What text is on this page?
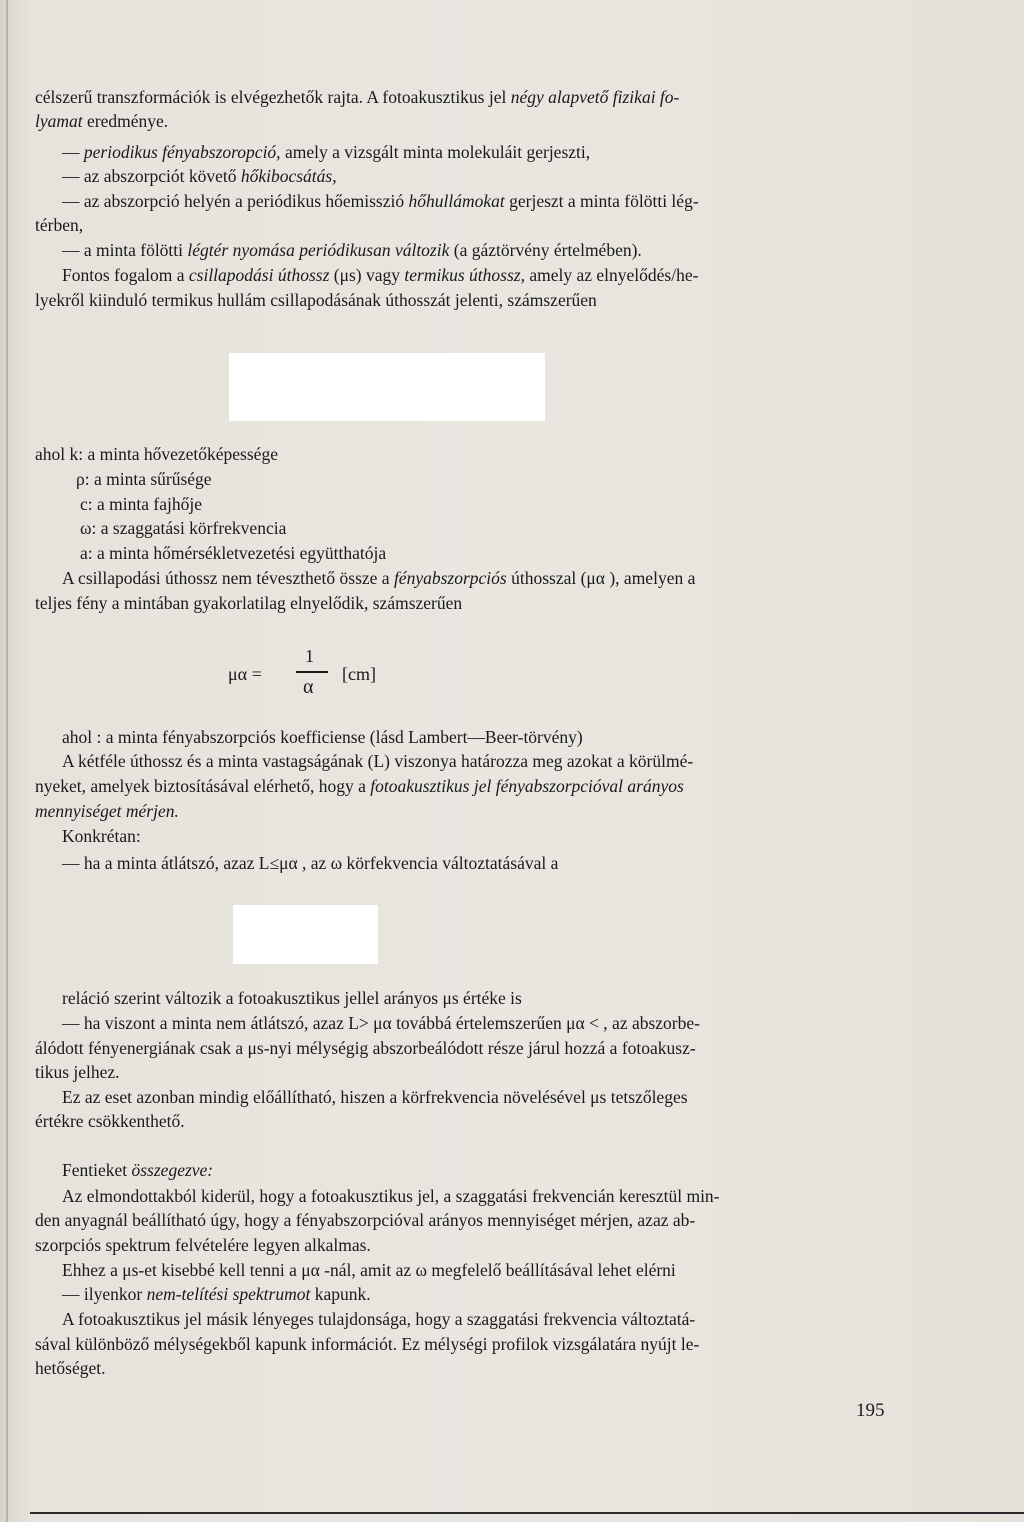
célszerű transzformációk is elvégezhetők rajta. A fotoakusztikus jel négy alapvető fizikai fo-
lyamat eredménye.
— periodikus fényabszoropció, amely a vizsgált minta molekuláit gerjeszti,
— az abszorpciót követő hőkibocsátás,
— az abszorpció helyén a periódikus hőemisszió hőhullámokat gerjeszt a minta fölötti lég-
térben,
— a minta fölötti légtér nyomása periódikusan változik (a gáztörvény értelmében).
Fontos fogalom a csillapodási úthossz (μs) vagy termikus úthossz, amely az elnyelődés/he-
lyekről kiinduló termikus hullám csillapodásának úthosszát jelenti, számszerűen
ahol k: a minta hővezetőképessége
ρ: a minta sűrűsége
c: a minta fajhője
ω: a szaggatási körfrekvencia
a: a minta hőmérsékletvezetési együtthatója
A csillapodási úthossz nem téveszthető össze a fényabszorpciós úthosszal (μα ), amelyen a
teljes fény a mintában gyakorlatilag elnyelődik, számszerűen
μα =
1
α
[cm]
ahol : a minta fényabszorpciós koefficiense (lásd Lambert—Beer-törvény)
A kétféle úthossz és a minta vastagságának (L) viszonya határozza meg azokat a körülmé-
nyeket, amelyek biztosításával elérhető, hogy a fotoakusztikus jel fényabszorpcióval arányos
mennyiséget mérjen.
Konkrétan:
— ha a minta átlátszó, azaz L≤μα , az ω körfekvencia változtatásával a
reláció szerint változik a fotoakusztikus jellel arányos μs értéke is
— ha viszont a minta nem átlátszó, azaz L> μα továbbá értelemszerűen μα < , az abszorbe-
álódott fényenergiának csak a μs-nyi mélységig abszorbeálódott része járul hozzá a fotoakusz-
tikus jelhez.
Ez az eset azonban mindig előállítható, hiszen a körfrekvencia növelésével μs tetszőleges
értékre csökkenthető.
Fentieket összegezve:
Az elmondottakból kiderül, hogy a fotoakusztikus jel, a szaggatási frekvencián keresztül min-
den anyagnál beállítható úgy, hogy a fényabszorpcióval arányos mennyiséget mérjen, azaz ab-
szorpciós spektrum felvételére legyen alkalmas.
Ehhez a μs-et kisebbé kell tenni a μα -nál, amit az ω megfelelő beállításával lehet elérni
— ilyenkor nem-telítési spektrumot kapunk.
A fotoakusztikus jel másik lényeges tulajdonsága, hogy a szaggatási frekvencia változtatá-
sával különböző mélységekből kapunk információt. Ez mélységi profilok vizsgálatára nyújt le-
hetőséget.
195
